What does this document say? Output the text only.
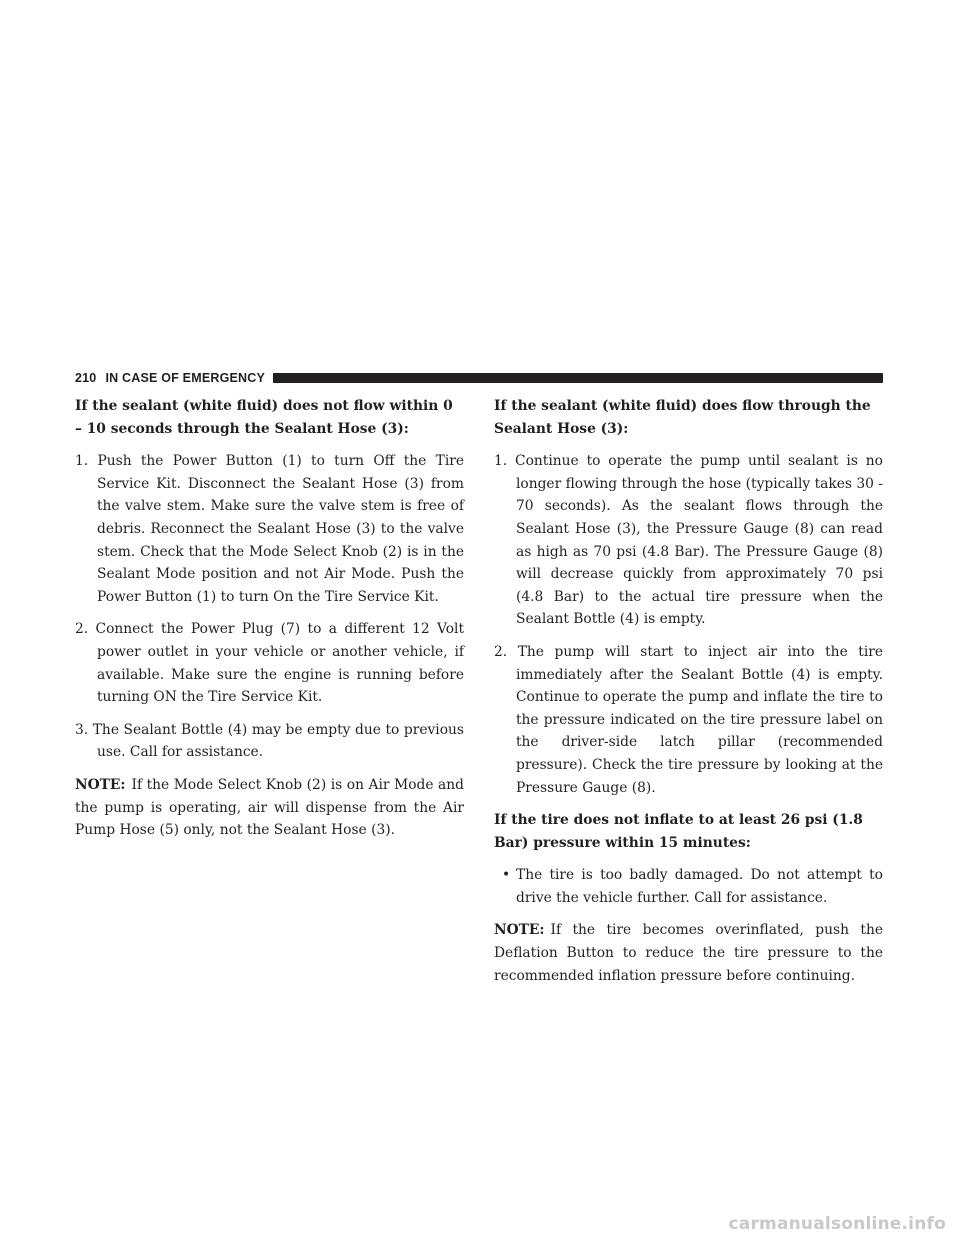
210 IN CASE OF EMERGENCY

If the sealant (white fluid) does not flow within 0 – 10 seconds through the Sealant Hose (3):

1. Push the Power Button (1) to turn Off the Tire Service Kit. Disconnect the Sealant Hose (3) from the valve stem. Make sure the valve stem is free of debris. Reconnect the Sealant Hose (3) to the valve stem. Check that the Mode Select Knob (2) is in the Sealant Mode position and not Air Mode. Push the Power Button (1) to turn On the Tire Service Kit.

2. Connect the Power Plug (7) to a different 12 Volt power outlet in your vehicle or another vehicle, if available. Make sure the engine is running before turning ON the Tire Service Kit.

3. The Sealant Bottle (4) may be empty due to previous use. Call for assistance.

NOTE: If the Mode Select Knob (2) is on Air Mode and the pump is operating, air will dispense from the Air Pump Hose (5) only, not the Sealant Hose (3).

If the sealant (white fluid) does flow through the Sealant Hose (3):

1. Continue to operate the pump until sealant is no longer flowing through the hose (typically takes 30 - 70 seconds). As the sealant flows through the Sealant Hose (3), the Pressure Gauge (8) can read as high as 70 psi (4.8 Bar). The Pressure Gauge (8) will decrease quickly from approximately 70 psi (4.8 Bar) to the actual tire pressure when the Sealant Bottle (4) is empty.

2. The pump will start to inject air into the tire immediately after the Sealant Bottle (4) is empty. Continue to operate the pump and inflate the tire to the pressure indicated on the tire pressure label on the driver-side latch pillar (recommended pressure). Check the tire pressure by looking at the Pressure Gauge (8).

If the tire does not inflate to at least 26 psi (1.8 Bar) pressure within 15 minutes:

• The tire is too badly damaged. Do not attempt to drive the vehicle further. Call for assistance.

NOTE: If the tire becomes overinflated, push the Deflation Button to reduce the tire pressure to the recommended inflation pressure before continuing.

carmanualsonline.info
